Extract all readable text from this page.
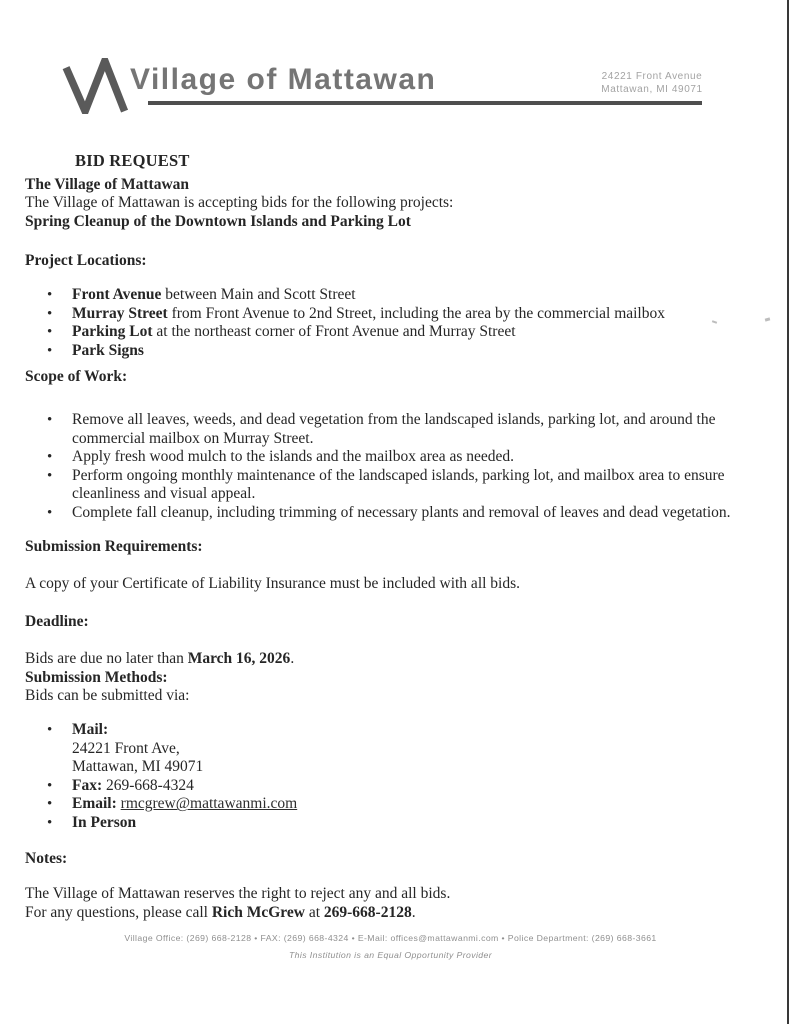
Village of Mattawan	24221 Front Avenue
Mattawan, MI 49071
BID REQUEST
The Village of Mattawan
The Village of Mattawan is accepting bids for the following projects:
Spring Cleanup of the Downtown Islands and Parking Lot
Project Locations:
• Front Avenue between Main and Scott Street
• Murray Street from Front Avenue to 2nd Street, including the area by the commercial mailbox
• Parking Lot at the northeast corner of Front Avenue and Murray Street
• Park Signs
Scope of Work:
• Remove all leaves, weeds, and dead vegetation from the landscaped islands, parking lot, and around the commercial mailbox on Murray Street.
• Apply fresh wood mulch to the islands and the mailbox area as needed.
• Perform ongoing monthly maintenance of the landscaped islands, parking lot, and mailbox area to ensure cleanliness and visual appeal.
• Complete fall cleanup, including trimming of necessary plants and removal of leaves and dead vegetation.
Submission Requirements:
A copy of your Certificate of Liability Insurance must be included with all bids.
Deadline:
Bids are due no later than March 16, 2026.
Submission Methods:
Bids can be submitted via:
• Mail:
24221 Front Ave,
Mattawan, MI 49071
• Fax: 269-668-4324
• Email: rmcgrew@mattawanmi.com
• In Person
Notes:
The Village of Mattawan reserves the right to reject any and all bids.
For any questions, please call Rich McGrew at 269-668-2128.
Village Office: (269) 668-2128 • FAX: (269) 668-4324 • E-Mail: offices@mattawanmi.com • Police Department: (269) 668-3661
This Institution is an Equal Opportunity Provider
